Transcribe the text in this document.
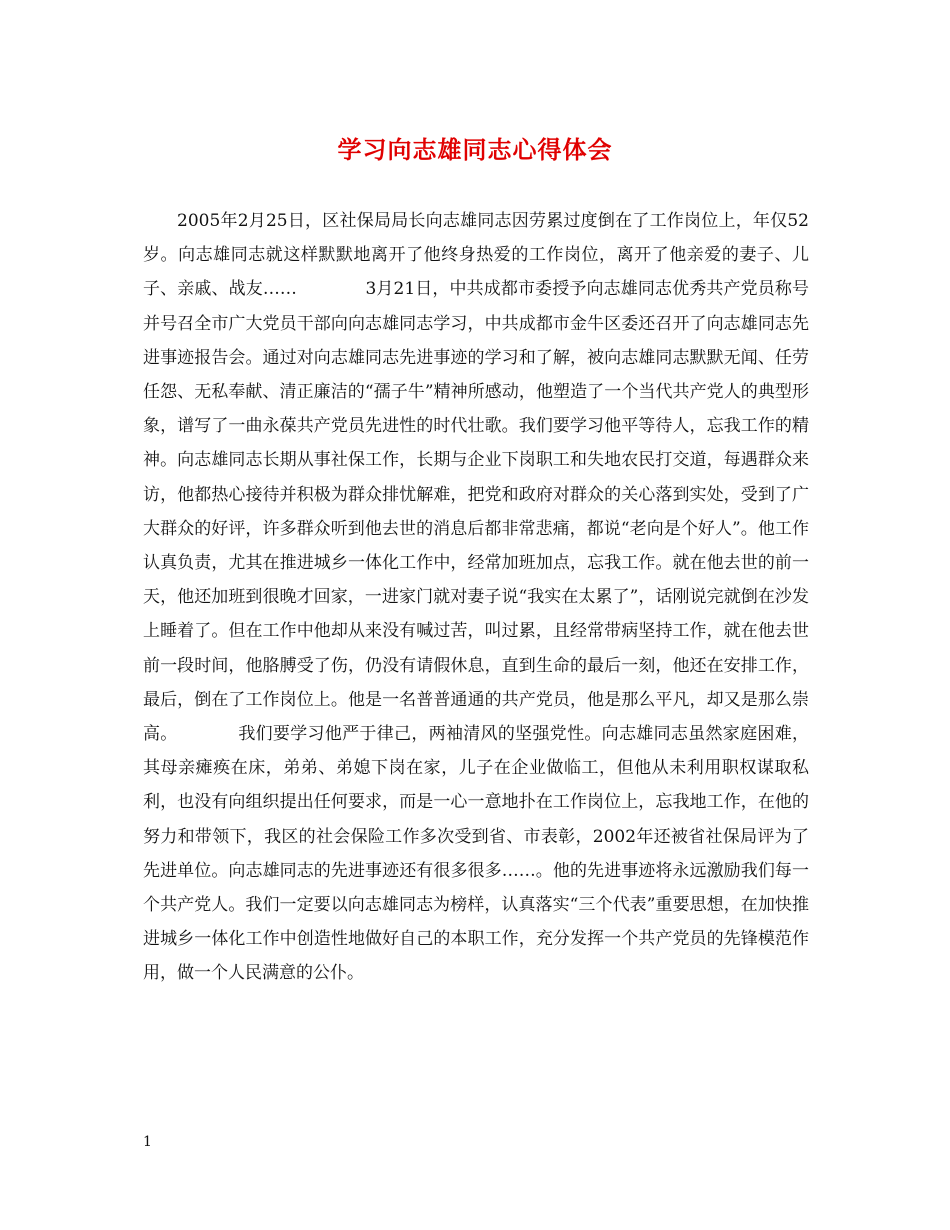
学习向志雄同志心得体会

2005年2月25日，区社保局局长向志雄同志因劳累过度倒在了工作岗位上，年仅52岁。向志雄同志就这样默默地离开了他终身热爱的工作岗位，离开了他亲爱的妻子、儿子、亲戚、战友……　　　　3月21日，中共成都市委授予向志雄同志优秀共产党员称号并号召全市广大党员干部向向志雄同志学习，中共成都市金牛区委还召开了向志雄同志先进事迹报告会。通过对向志雄同志先进事迹的学习和了解，被向志雄同志默默无闻、任劳任怨、无私奉献、清正廉洁的“孺子牛”精神所感动，他塑造了一个当代共产党人的典型形象，谱写了一曲永葆共产党员先进性的时代壮歌。我们要学习他平等待人，忘我工作的精神。向志雄同志长期从事社保工作，长期与企业下岗职工和失地农民打交道，每遇群众来访，他都热心接待并积极为群众排忧解难，把党和政府对群众的关心落到实处，受到了广大群众的好评，许多群众听到他去世的消息后都非常悲痛，都说“老向是个好人”。他工作认真负责，尤其在推进城乡一体化工作中，经常加班加点，忘我工作。就在他去世的前一天，他还加班到很晚才回家，一进家门就对妻子说“我实在太累了”，话刚说完就倒在沙发上睡着了。但在工作中他却从来没有喊过苦，叫过累，且经常带病坚持工作，就在他去世前一段时间，他胳膊受了伤，仍没有请假休息，直到生命的最后一刻，他还在安排工作，最后，倒在了工作岗位上。他是一名普普通通的共产党员，他是那么平凡，却又是那么崇高。　　　　我们要学习他严于律己，两袖清风的坚强党性。向志雄同志虽然家庭困难，其母亲瘫痪在床，弟弟、弟媳下岗在家，儿子在企业做临工，但他从未利用职权谋取私利，也没有向组织提出任何要求，而是一心一意地扑在工作岗位上，忘我地工作，在他的努力和带领下，我区的社会保险工作多次受到省、市表彰，2002年还被省社保局评为了先进单位。向志雄同志的先进事迹还有很多很多……。他的先进事迹将永远激励我们每一个共产党人。我们一定要以向志雄同志为榜样，认真落实“三个代表”重要思想，在加快推进城乡一体化工作中创造性地做好自己的本职工作，充分发挥一个共产党员的先锋模范作用，做一个人民满意的公仆。

1
